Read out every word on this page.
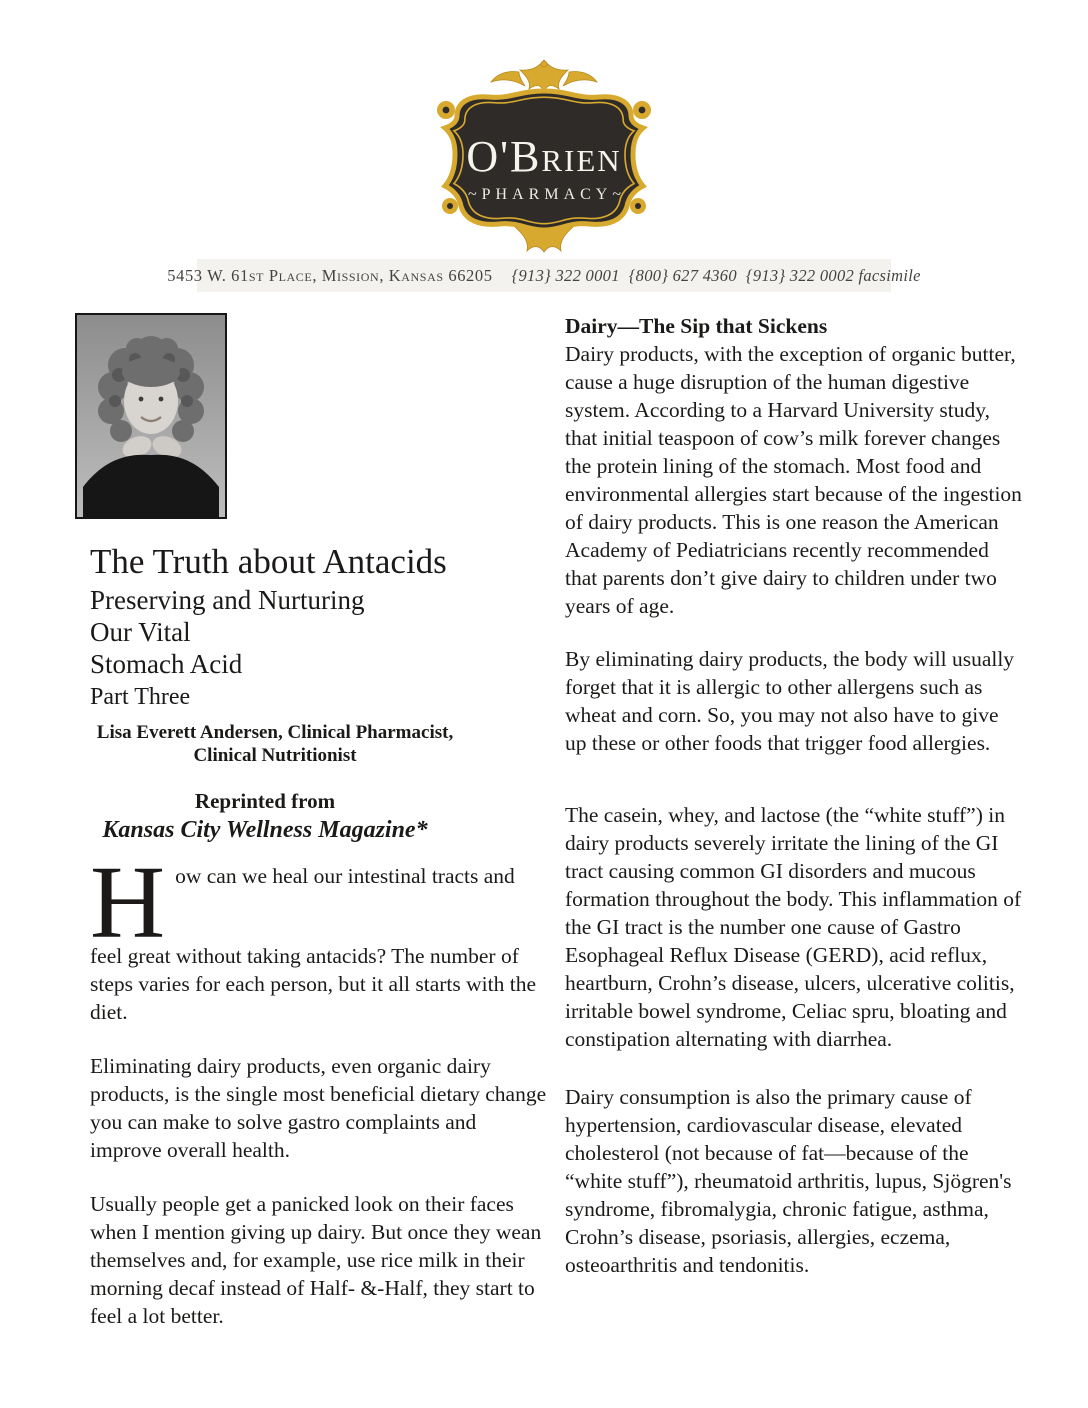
O'Brien
~PHARMACY~
5453 W. 61st Place, Mission, Kansas 66205 {913} 322 0001 {800} 627 4360 {913} 322 0002 facsimile
The Truth about Antacids
Preserving and Nurturing
Our Vital
Stomach Acid
Part Three
Lisa Everett Andersen, Clinical Pharmacist,
Clinical Nutritionist
Reprinted from
Kansas City Wellness Magazine*
How can we heal our intestinal tracts and

feel great without taking antacids? The number of steps varies for each person, but it all starts with the diet.

Eliminating dairy products, even organic dairy products, is the single most beneficial dietary change you can make to solve gastro complaints and improve overall health.

Usually people get a panicked look on their faces when I mention giving up dairy. But once they wean themselves and, for example, use rice milk in their morning decaf instead of Half- &-Half, they start to feel a lot better.

Dairy—The Sip that Sickens

Dairy products, with the exception of organic butter, cause a huge disruption of the human digestive system. According to a Harvard University study, that initial teaspoon of cow’s milk forever changes the protein lining of the stomach. Most food and environmental allergies start because of the ingestion of dairy products. This is one reason the American Academy of Pediatricians recently recommended that parents don’t give dairy to children under two years of age.

By eliminating dairy products, the body will usually forget that it is allergic to other allergens such as wheat and corn. So, you may not also have to give up these or other foods that trigger food allergies.

The casein, whey, and lactose (the “white stuff”) in dairy products severely irritate the lining of the GI tract causing common GI disorders and mucous formation throughout the body. This inflammation of the GI tract is the number one cause of Gastro Esophageal Reflux Disease (GERD), acid reflux, heartburn, Crohn’s disease, ulcers, ulcerative colitis, irritable bowel syndrome, Celiac spru, bloating and constipation alternating with diarrhea.

Dairy consumption is also the primary cause of hypertension, cardiovascular disease, elevated cholesterol (not because of fat—because of the “white stuff”), rheumatoid arthritis, lupus, Sjögren's syndrome, fibromalygia, chronic fatigue, asthma, Crohn’s disease, psoriasis, allergies, eczema, osteoarthritis and tendonitis.
